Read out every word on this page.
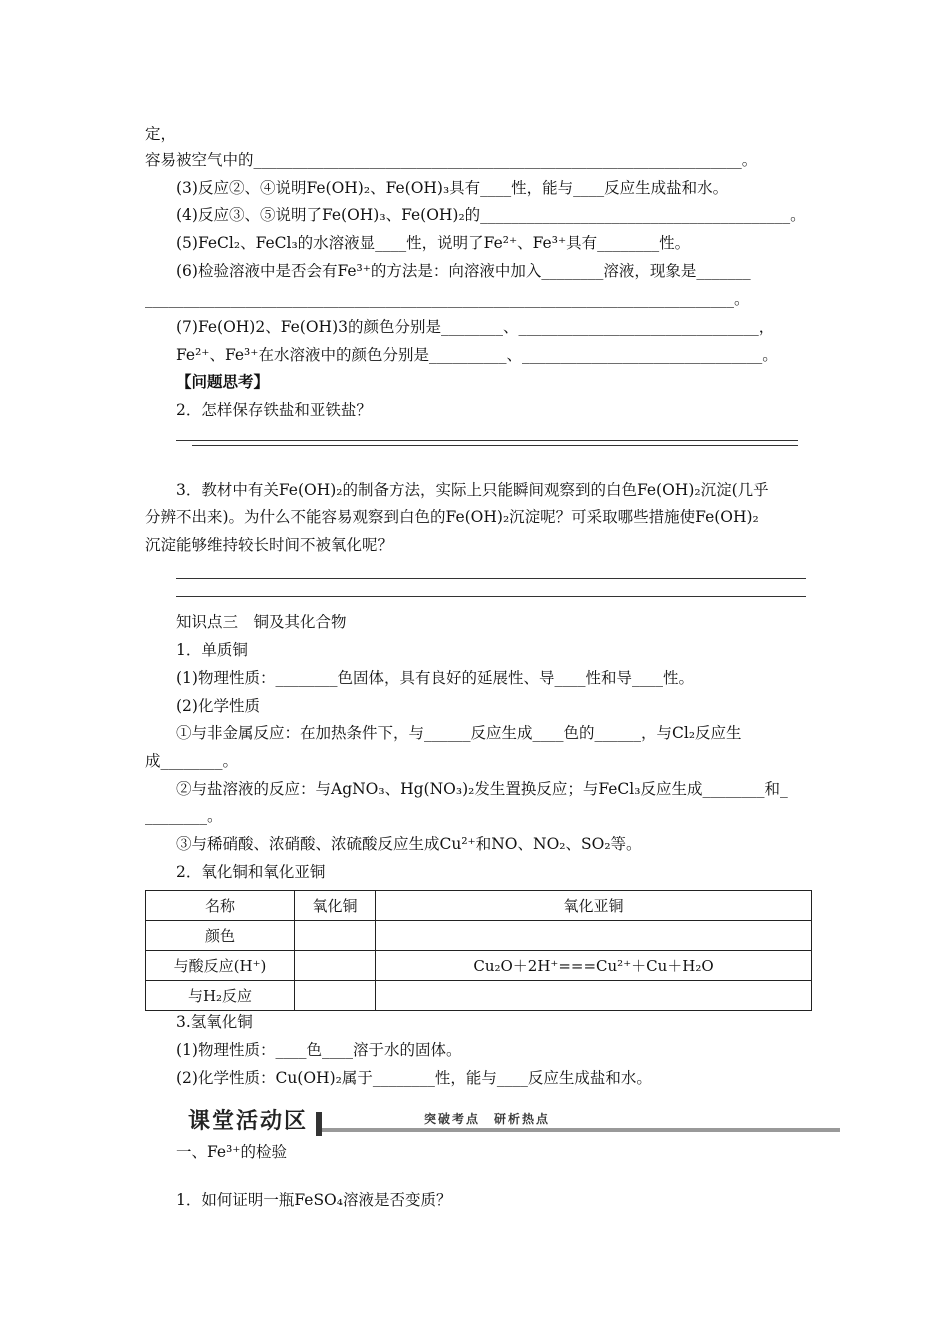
定，
容易被空气中的_______________________________________________________________。
(3)反应②、④说明Fe(OH)₂、Fe(OH)₃具有____性，能与____反应生成盐和水。
(4)反应③、⑤说明了Fe(OH)₃、Fe(OH)₂的________________________________________。
(5)FeCl₂、FeCl₃的水溶液显____性，说明了Fe²⁺、Fe³⁺具有________性。
(6)检验溶液中是否会有Fe³⁺的方法是：向溶液中加入________溶液，现象是_______
____________________________________________________________________________。
(7)Fe(OH)2、Fe(OH)3的颜色分别是________、_______________________________，
Fe²⁺、Fe³⁺在水溶液中的颜色分别是__________、_______________________________。
【问题思考】
2．怎样保存铁盐和亚铁盐？
3．教材中有关Fe(OH)₂的制备方法，实际上只能瞬间观察到的白色Fe(OH)₂沉淀(几乎
分辨不出来)。为什么不能容易观察到白色的Fe(OH)₂沉淀呢？可采取哪些措施使Fe(OH)₂
沉淀能够维持较长时间不被氧化呢？
知识点三　铜及其化合物
1．单质铜
(1)物理性质：________色固体，具有良好的延展性、导____性和导____性。
(2)化学性质
①与非金属反应：在加热条件下，与______反应生成____色的______，与Cl₂反应生
成________。
②与盐溶液的反应：与AgNO₃、Hg(NO₃)₂发生置换反应；与FeCl₃反应生成________和_
________。
③与稀硝酸、浓硝酸、浓硫酸反应生成Cu²⁺和NO、NO₂、SO₂等。
2．氧化铜和氧化亚铜
名称	氧化铜	氧化亚铜
颜色		
与酸反应(H⁺)		Cu₂O＋2H⁺===Cu²⁺＋Cu＋H₂O
与H₂反应		
3.氢氧化铜
(1)物理性质：____色____溶于水的固体。
(2)化学性质：Cu(OH)₂属于________性，能与____反应生成盐和水。
课堂活动区	突破考点　研析热点
一、Fe³⁺的检验
1．如何证明一瓶FeSO₄溶液是否变质？
